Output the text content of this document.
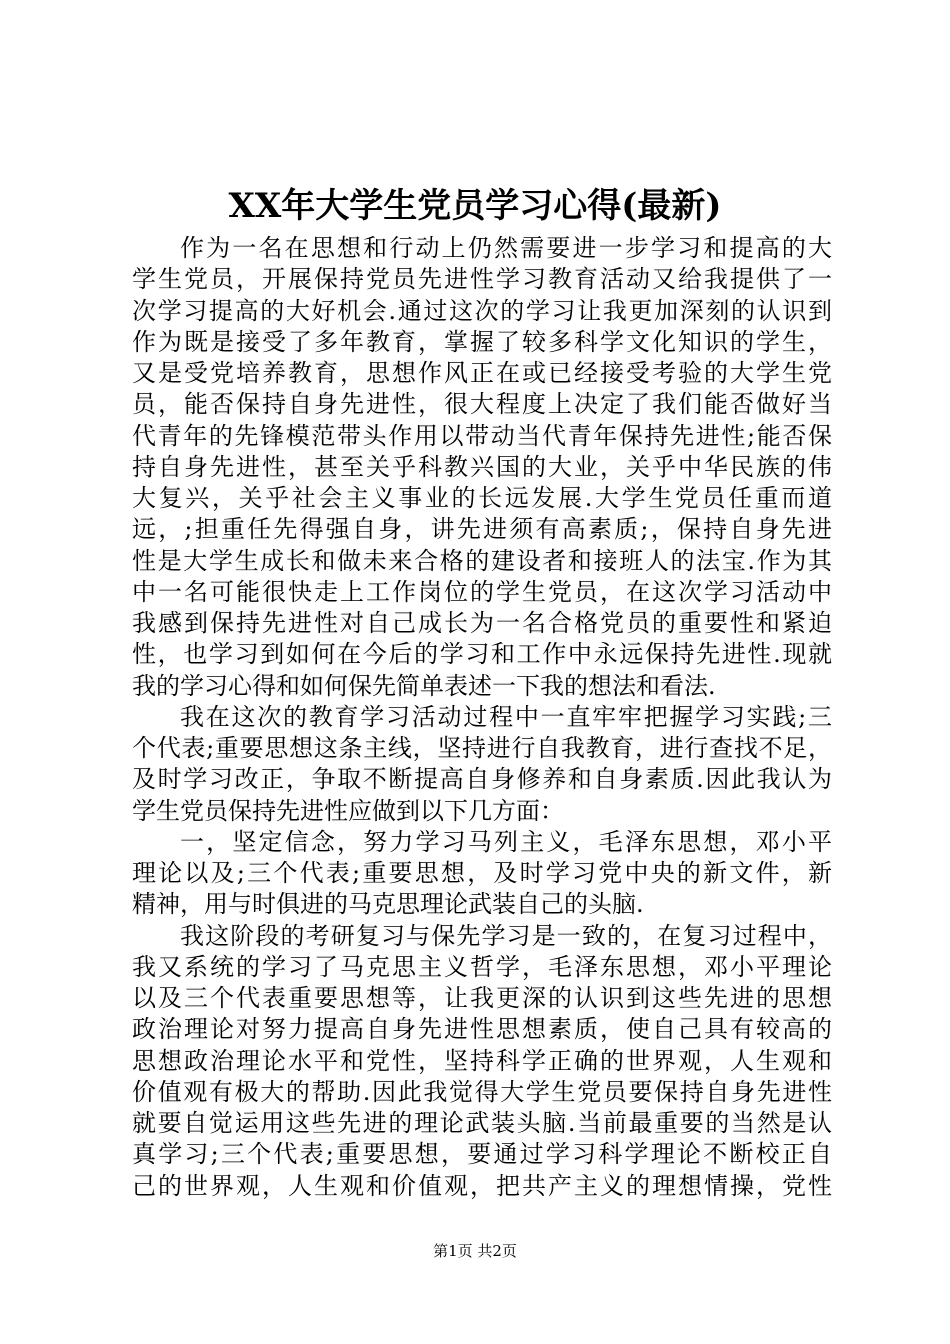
XX年大学生党员学习心得(最新)
作为一名在思想和行动上仍然需要进一步学习和提高的大
学生党员，开展保持党员先进性学习教育活动又给我提供了一
次学习提高的大好机会.通过这次的学习让我更加深刻的认识到
作为既是接受了多年教育，掌握了较多科学文化知识的学生，
又是受党培养教育，思想作风正在或已经接受考验的大学生党
员，能否保持自身先进性，很大程度上决定了我们能否做好当
代青年的先锋模范带头作用以带动当代青年保持先进性;能否保
持自身先进性，甚至关乎科教兴国的大业，关乎中华民族的伟
大复兴，关乎社会主义事业的长远发展.大学生党员任重而道
远，;担重任先得强自身，讲先进须有高素质;，保持自身先进
性是大学生成长和做未来合格的建设者和接班人的法宝.作为其
中一名可能很快走上工作岗位的学生党员，在这次学习活动中
我感到保持先进性对自己成长为一名合格党员的重要性和紧迫
性，也学习到如何在今后的学习和工作中永远保持先进性.现就
我的学习心得和如何保先简单表述一下我的想法和看法.
我在这次的教育学习活动过程中一直牢牢把握学习实践;三
个代表;重要思想这条主线，坚持进行自我教育，进行查找不足，
及时学习改正，争取不断提高自身修养和自身素质.因此我认为
学生党员保持先进性应做到以下几方面：
一，坚定信念，努力学习马列主义，毛泽东思想，邓小平
理论以及;三个代表;重要思想，及时学习党中央的新文件，新
精神，用与时俱进的马克思理论武装自己的头脑.
我这阶段的考研复习与保先学习是一致的，在复习过程中，
我又系统的学习了马克思主义哲学，毛泽东思想，邓小平理论
以及三个代表重要思想等，让我更深的认识到这些先进的思想
政治理论对努力提高自身先进性思想素质，使自己具有较高的
思想政治理论水平和党性，坚持科学正确的世界观，人生观和
价值观有极大的帮助.因此我觉得大学生党员要保持自身先进性
就要自觉运用这些先进的理论武装头脑.当前最重要的当然是认
真学习;三个代表;重要思想，要通过学习科学理论不断校正自
己的世界观，人生观和价值观，把共产主义的理想情操，党性
第1页 共2页
